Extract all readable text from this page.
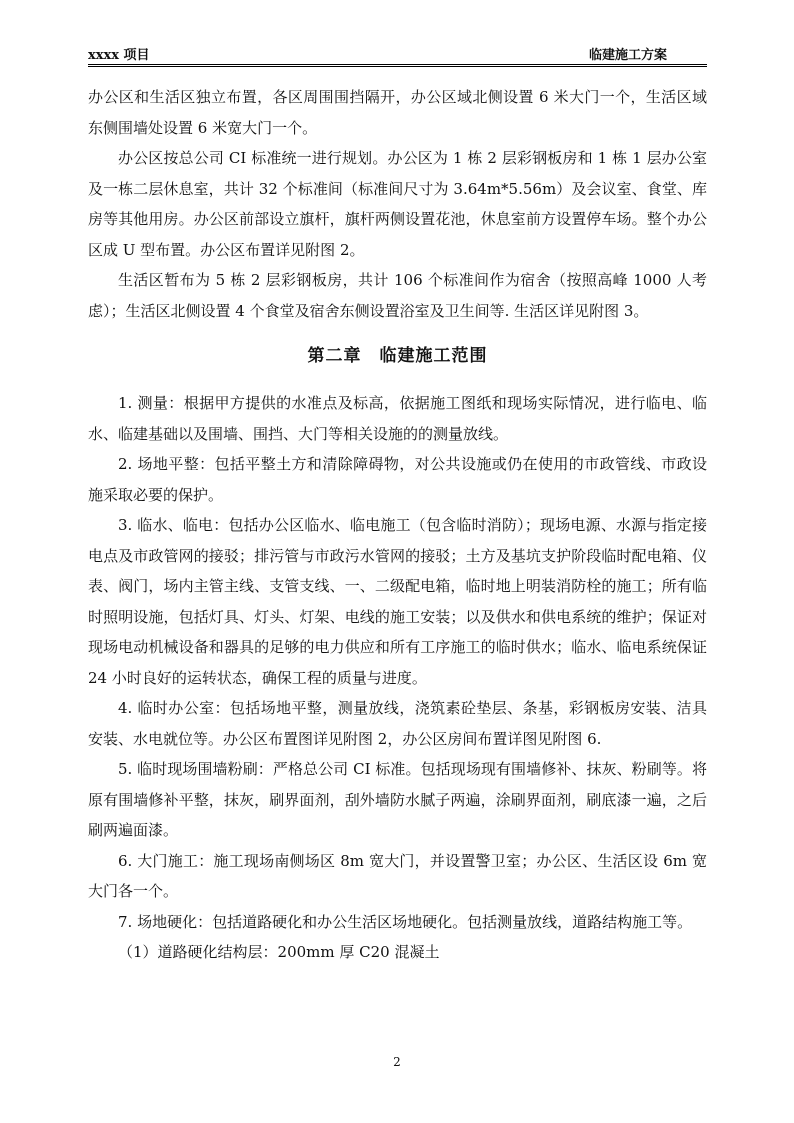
xxxx 项目	临建施工方案

办公区和生活区独立布置，各区周围围挡隔开，办公区域北侧设置 6 米大门一个，生活区域东侧围墙处设置 6 米宽大门一个。

办公区按总公司 CI 标准统一进行规划。办公区为 1 栋 2 层彩钢板房和 1 栋 1 层办公室及一栋二层休息室，共计 32 个标准间（标准间尺寸为 3.64m*5.56m）及会议室、食堂、库房等其他用房。办公区前部设立旗杆，旗杆两侧设置花池，休息室前方设置停车场。整个办公区成 U 型布置。办公区布置详见附图 2。

生活区暂布为 5 栋 2 层彩钢板房，共计 106 个标准间作为宿舍（按照高峰 1000 人考虑）；生活区北侧设置 4 个食堂及宿舍东侧设置浴室及卫生间等. 生活区详见附图 3。

第二章　临建施工范围

1. 测量：根据甲方提供的水准点及标高，依据施工图纸和现场实际情况，进行临电、临水、临建基础以及围墙、围挡、大门等相关设施的的测量放线。

2. 场地平整：包括平整土方和清除障碍物，对公共设施或仍在使用的市政管线、市政设施采取必要的保护。

3. 临水、临电：包括办公区临水、临电施工（包含临时消防）；现场电源、水源与指定接电点及市政管网的接驳；排污管与市政污水管网的接驳；土方及基坑支护阶段临时配电箱、仪表、阀门，场内主管主线、支管支线、一、二级配电箱，临时地上明装消防栓的施工；所有临时照明设施，包括灯具、灯头、灯架、电线的施工安装；以及供水和供电系统的维护；保证对现场电动机械设备和器具的足够的电力供应和所有工序施工的临时供水；临水、临电系统保证 24 小时良好的运转状态，确保工程的质量与进度。

4. 临时办公室：包括场地平整，测量放线，浇筑素砼垫层、条基，彩钢板房安装、洁具安装、水电就位等。办公区布置图详见附图 2，办公区房间布置详图见附图 6.

5. 临时现场围墙粉刷：严格总公司 CI 标准。包括现场现有围墙修补、抹灰、粉刷等。将原有围墙修补平整，抹灰，刷界面剂，刮外墙防水腻子两遍，涂刷界面剂，刷底漆一遍，之后刷两遍面漆。

6. 大门施工：施工现场南侧场区 8m 宽大门，并设置警卫室；办公区、生活区设 6m 宽大门各一个。

7. 场地硬化：包括道路硬化和办公生活区场地硬化。包括测量放线，道路结构施工等。

（1）道路硬化结构层：200mm 厚 C20 混凝土

2
